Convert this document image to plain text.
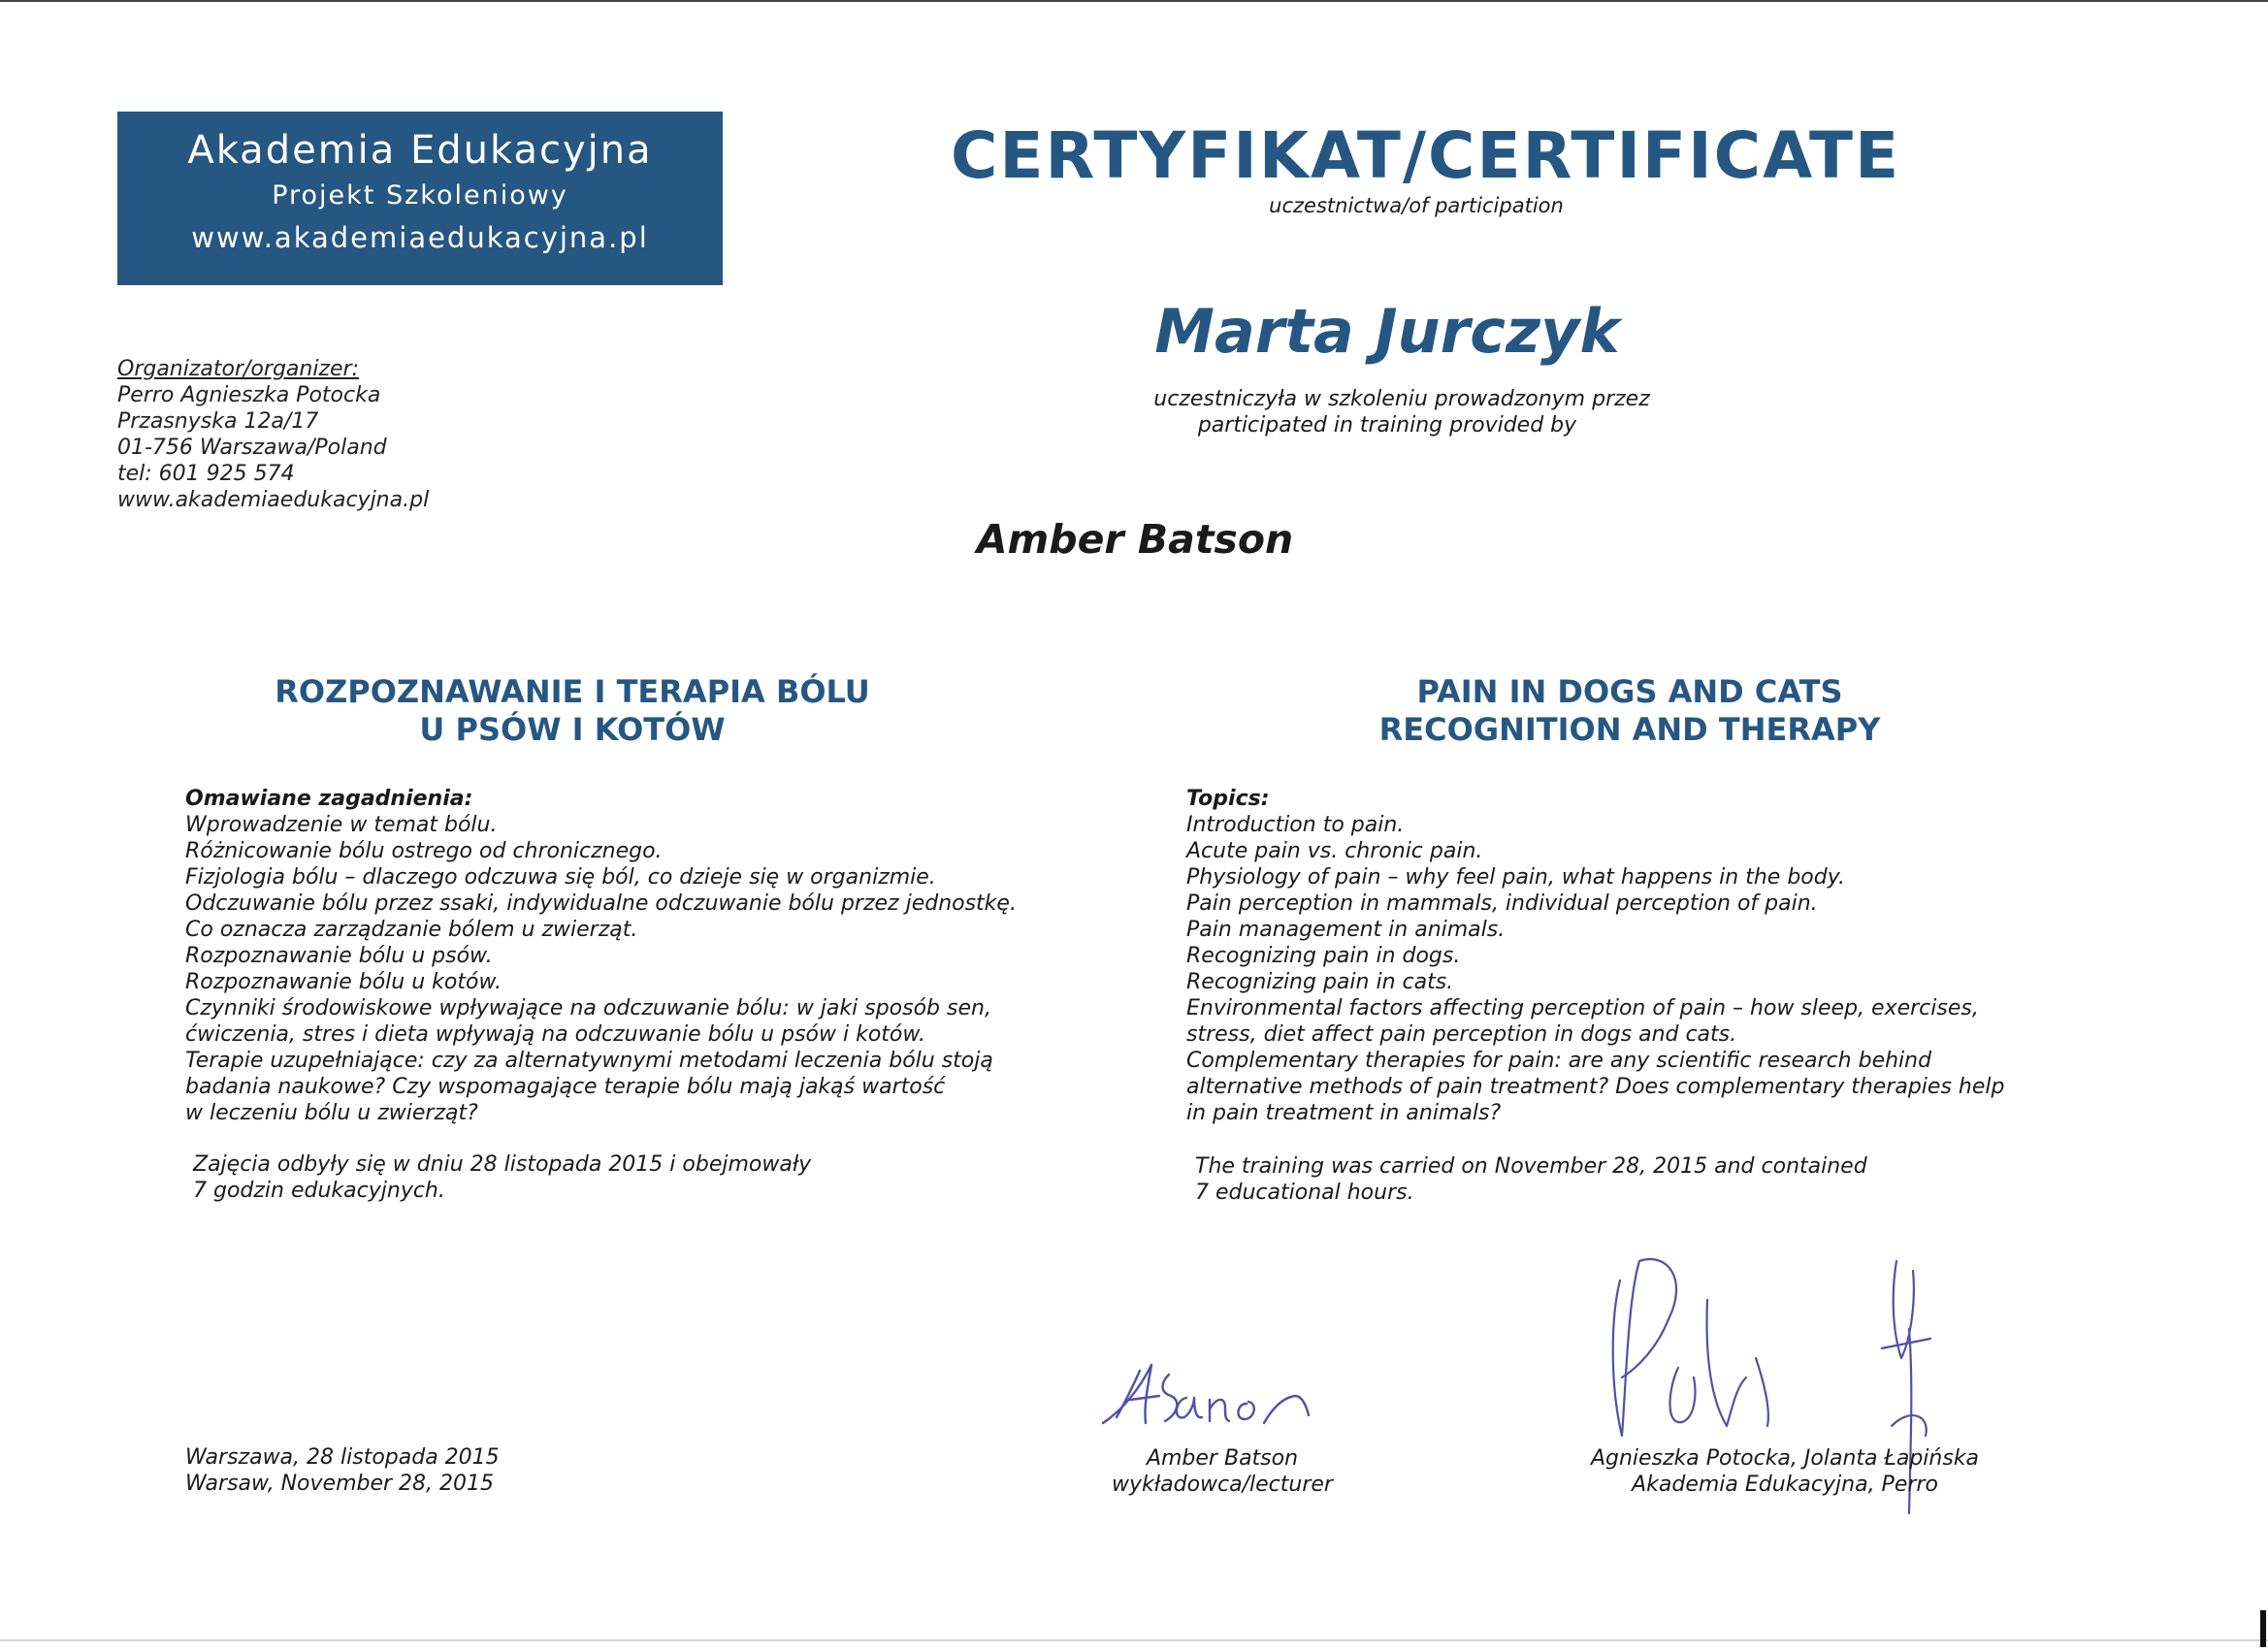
Akademia Edukacyjna
Projekt Szkoleniowy
www.akademiaedukacyjna.pl
Organizator/organizer:
Perro Agnieszka Potocka
Przasnyska 12a/17
01-756 Warszawa/Poland
tel: 601 925 574
www.akademiaedukacyjna.pl
CERTYFIKAT/CERTIFICATE
uczestnictwa/of participation
Marta Jurczyk
uczestniczyła w szkoleniu prowadzonym przez
participated in training provided by
Amber Batson
ROZPOZNAWANIE I TERAPIA BÓLU
U PSÓW I KOTÓW
PAIN IN DOGS AND CATS
RECOGNITION AND THERAPY
Omawiane zagadnienia:
Wprowadzenie w temat bólu.
Różnicowanie bólu ostrego od chronicznego.
Fizjologia bólu – dlaczego odczuwa się ból, co dzieje się w organizmie.
Odczuwanie bólu przez ssaki, indywidualne odczuwanie bólu przez jednostkę.
Co oznacza zarządzanie bólem u zwierząt.
Rozpoznawanie bólu u psów.
Rozpoznawanie bólu u kotów.
Czynniki środowiskowe wpływające na odczuwanie bólu: w jaki sposób sen,
ćwiczenia, stres i dieta wpływają na odczuwanie bólu u psów i kotów.
Terapie uzupełniające: czy za alternatywnymi metodami leczenia bólu stoją
badania naukowe? Czy wspomagające terapie bólu mają jakąś wartość
w leczeniu bólu u zwierząt?
Topics:
Introduction to pain.
Acute pain vs. chronic pain.
Physiology of pain – why feel pain, what happens in the body.
Pain perception in mammals, individual perception of pain.
Pain management in animals.
Recognizing pain in dogs.
Recognizing pain in cats.
Environmental factors affecting perception of pain – how sleep, exercises,
stress, diet affect pain perception in dogs and cats.
Complementary therapies for pain: are any scientific research behind
alternative methods of pain treatment? Does complementary therapies help
in pain treatment in animals?
Zajęcia odbyły się w dniu 28 listopada 2015 i obejmowały
7 godzin edukacyjnych.
The training was carried on November 28, 2015 and contained
7 educational hours.
Warszawa, 28 listopada 2015
Warsaw, November 28, 2015
Amber Batson
wykładowca/lecturer
Agnieszka Potocka, Jolanta Łapińska
Akademia Edukacyjna, Perro
